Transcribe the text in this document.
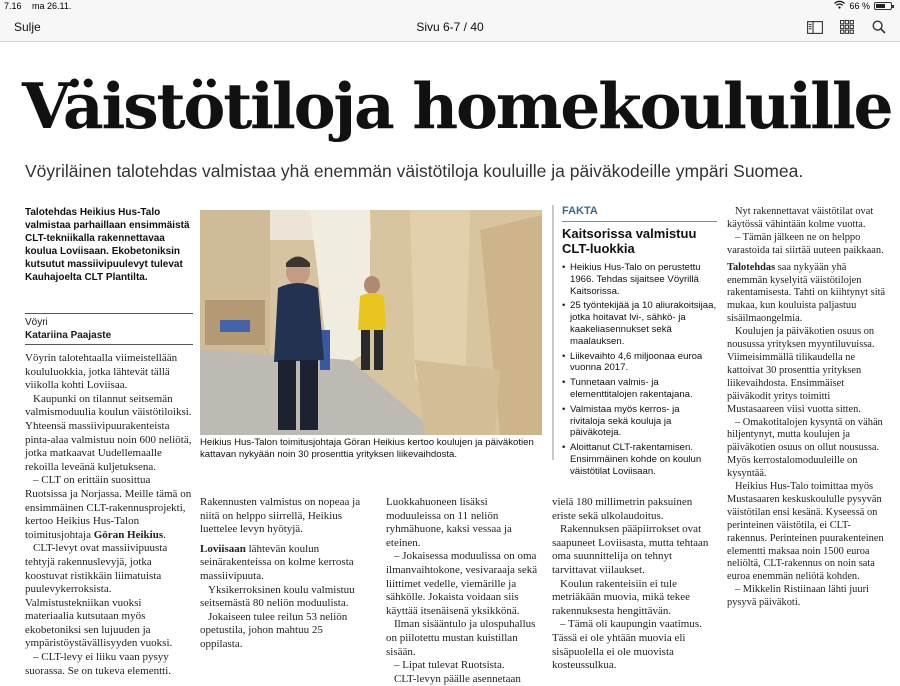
7.16 ma 26.11.	66 %
Sulje	Sivu 6-7 / 40
Väistötiloja homekouluille
Vöyriläinen talotehdas valmistaa yhä enemmän väistötiloja kouluille ja päiväkodeille ympäri Suomea.
Talotehdas Heikius Hus-Talo valmistaa parhaillaan ensimmäistä CLT-tekniikalla rakennettavaa koulua Loviisaan. Ekobetoniksin kutsutut massiivipuulevyt tulevat Kauhajoelta CLT Plantilta.
Vöyri
Katariina Paajaste

Vöyrin talotehtaalla viimeistellään koululuokkia, jotka lähtevät tällä viikolla kohti Loviisaa.

Kaupunki on tilannut seitsemän valmismoduulia koulun väistötiloiksi. Yhteensä massiivipuurakenteista pinta-alaa valmistuu noin 600 neliötä, jotka matkaavat Uudellemaalle rekoilla leveänä kuljetuksena.

– CLT on erittäin suosittua Ruotsissa ja Norjassa. Meille tämä on ensimmäinen CLT-rakennusprojekti, kertoo Heikius Hus-Talon toimitusjohtaja Göran Heikius.

CLT-levyt ovat massiivipuusta tehtyjä rakennuslevyjä, jotka koostuvat ristikkäin liimatuista puulevykerroksista. Valmistustekniikan vuoksi materiaalia kutsutaan myös ekobetoniksi sen lujuuden ja ympäristöystävällisyyden vuoksi.

– CLT-levy ei liiku vaan pysyy suorassa. Se on tukeva elementti.

Heikius Hus-Talon toimitusjohtaja Göran Heikius kertoo koulujen ja päiväkotien kattavan nykyään noin 30 prosenttia yrityksen liikevaihdosta.

Rakennusten valmistus on nopeaa ja niitä on helppo siirrellä, Heikius luettelee levyn hyötyjä.

Loviisaan lähtevän koulun seinärakenteissa on kolme kerrosta massiivipuuta.

Yksikerroksinen koulu valmistuu seitsemästä 80 neliön moduulista.

Jokaiseen tulee reilun 53 neliön opetustila, johon mahtuu 25 oppilasta.

Luokkahuoneen lisäksi moduuleissa on 11 neliön ryhmähuone, kaksi vessaa ja eteinen.

– Jokaisessa moduulissa on oma ilmanvaihtokone, vesivaraaja sekä liittimet vedelle, viemärille ja sähkölle. Jokaista voidaan siis käyttää itsenäisenä yksikkönä.

Ilman sisääntulo ja ulospuhallus on piilotettu mustan kuistillan sisään.

– Lipat tulevat Ruotsista.

CLT-levyn päälle asennetaan

FAKTA
Kaitsorissa valmistuu CLT-luokkia
• Heikius Hus-Talo on perustettu 1966. Tehdas sijaitsee Vöyrillä Kaitsorissa.
• 25 työntekijää ja 10 aliurakoitsijaa, jotka hoitavat lvi-, sähkö- ja kaakeliasennukset sekä maalauksen.
• Liikevaihto 4,6 miljoonaa euroa vuonna 2017.
• Tunnetaan valmis- ja elementtitalojen rakentajana.
• Valmistaa myös kerros- ja rivitaloja sekä kouluja ja päiväkoteja.
• Aloittanut CLT-rakentamisen. Ensimmäinen kohde on koulun väistötilat Loviisaan.

vielä 180 millimetrin paksuinen eriste sekä ulkolaudoitus.

Rakennuksen pääpiirrokset ovat saapuneet Loviisasta, mutta tehtaan oma suunnittelija on tehnyt tarvittavat viilaukset.

Koulun rakenteisiin ei tule metriäkään muovia, mikä tekee rakennuksesta hengittävän.

– Tämä oli kaupungin vaatimus. Tässä ei ole yhtään muovia eli sisäpuolella ei ole muovista kosteussulkua.

Nyt rakennettavat väistötilat ovat käytössä vähintään kolme vuotta.

– Tämän jälkeen ne on helppo varastoida tai siirtää uuteen paikkaan.

Talotehdas saa nykyään yhä enemmän kyselyitä väistötilojen rakentamisesta. Tahti on kiihtynyt sitä mukaa, kun kouluista paljastuu sisäilmaongelmia.

Koulujen ja päiväkotien osuus on nousussa yrityksen myyntiluvuissa. Viimeisimmällä tilikaudella ne kattoivat 30 prosenttia yrityksen liikevaihdosta. Ensimmäiset päiväkodit yritys toimitti Mustasaareen viisi vuotta sitten.

– Omakotitalojen kysyntä on vähän hiljentynyt, mutta koulujen ja päiväkotien osuus on ollut nousussa. Myös kerrostalomoduuleille on kysyntää.

Heikius Hus-Talo toimittaa myös Mustasaaren keskuskoululle pysyvän väistötilan ensi kesänä. Kyseessä on perinteinen väistötila, ei CLT-rakennus. Perinteinen puurakenteinen elementti maksaa noin 1500 euroa neliöltä, CLT-rakennus on noin sata euroa enemmän neliötä kohden.

– Mikkelin Ristiinaan lähti juuri pysyvä päiväkoti.
